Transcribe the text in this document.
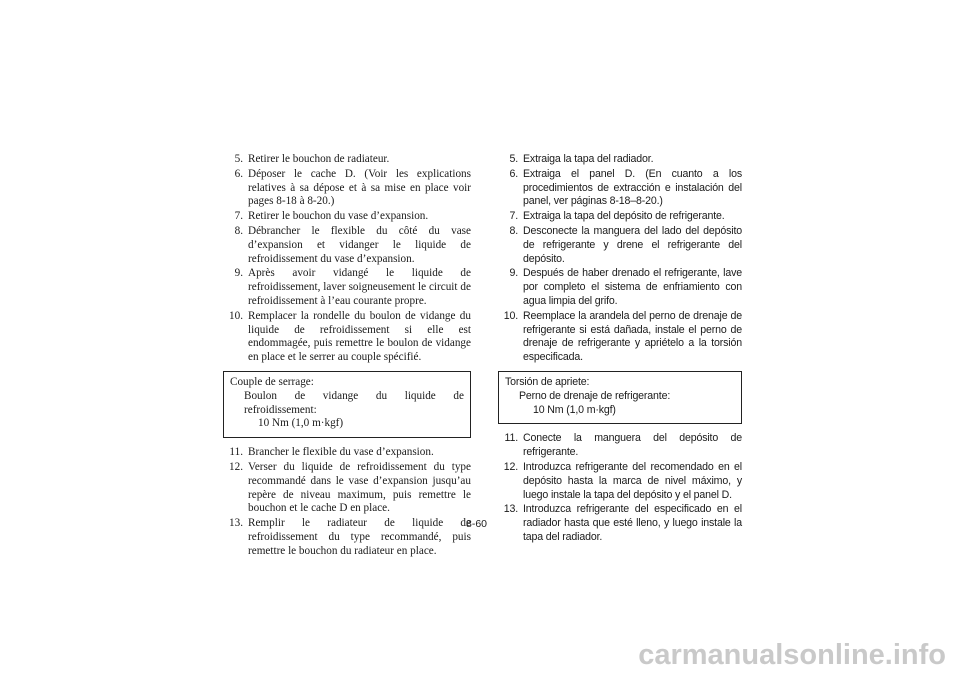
5. Retirer le bouchon de radiateur.
6. Déposer le cache D. (Voir les explications relatives à sa dépose et à sa mise en place voir pages 8-18 à 8-20.)
7. Retirer le bouchon du vase d’expansion.
8. Débrancher le flexible du côté du vase d’expansion et vidanger le liquide de refroidissement du vase d’expansion.
9. Après avoir vidangé le liquide de refroidissement, laver soigneusement le circuit de refroidissement à l’eau courante propre.
10. Remplacer la rondelle du boulon de vidange du liquide de refroidissement si elle est endommagée, puis remettre le boulon de vidange en place et le serrer au couple spécifié.
Couple de serrage:
Boulon de vidange du liquide de refroidissement:
10 Nm (1,0 m·kgf)
11. Brancher le flexible du vase d’expansion.
12. Verser du liquide de refroidissement du type recommandé dans le vase d’expansion jusqu’au repère de niveau maximum, puis remettre le bouchon et le cache D en place.
13. Remplir le radiateur de liquide de refroidissement du type recommandé, puis remettre le bouchon du radiateur en place.
5. Extraiga la tapa del radiador.
6. Extraiga el panel D. (En cuanto a los procedimientos de extracción e instalación del panel, ver páginas 8-18–8-20.)
7. Extraiga la tapa del depósito de refrigerante.
8. Desconecte la manguera del lado del depósito de refrigerante y drene el refrigerante del depósito.
9. Después de haber drenado el refrigerante, lave por completo el sistema de enfriamiento con agua limpia del grifo.
10. Reemplace la arandela del perno de drenaje de refrigerante si está dañada, instale el perno de drenaje de refrigerante y apriételo a la torsión especificada.
Torsión de apriete:
Perno de drenaje de refrigerante:
10 Nm (1,0 m·kgf)
11. Conecte la manguera del depósito de refrigerante.
12. Introduzca refrigerante del recomendado en el depósito hasta la marca de nivel máximo, y luego instale la tapa del depósito y el panel D.
13. Introduzca refrigerante del especificado en el radiador hasta que esté lleno, y luego instale la tapa del radiador.
8-60
carmanualsonline.info
